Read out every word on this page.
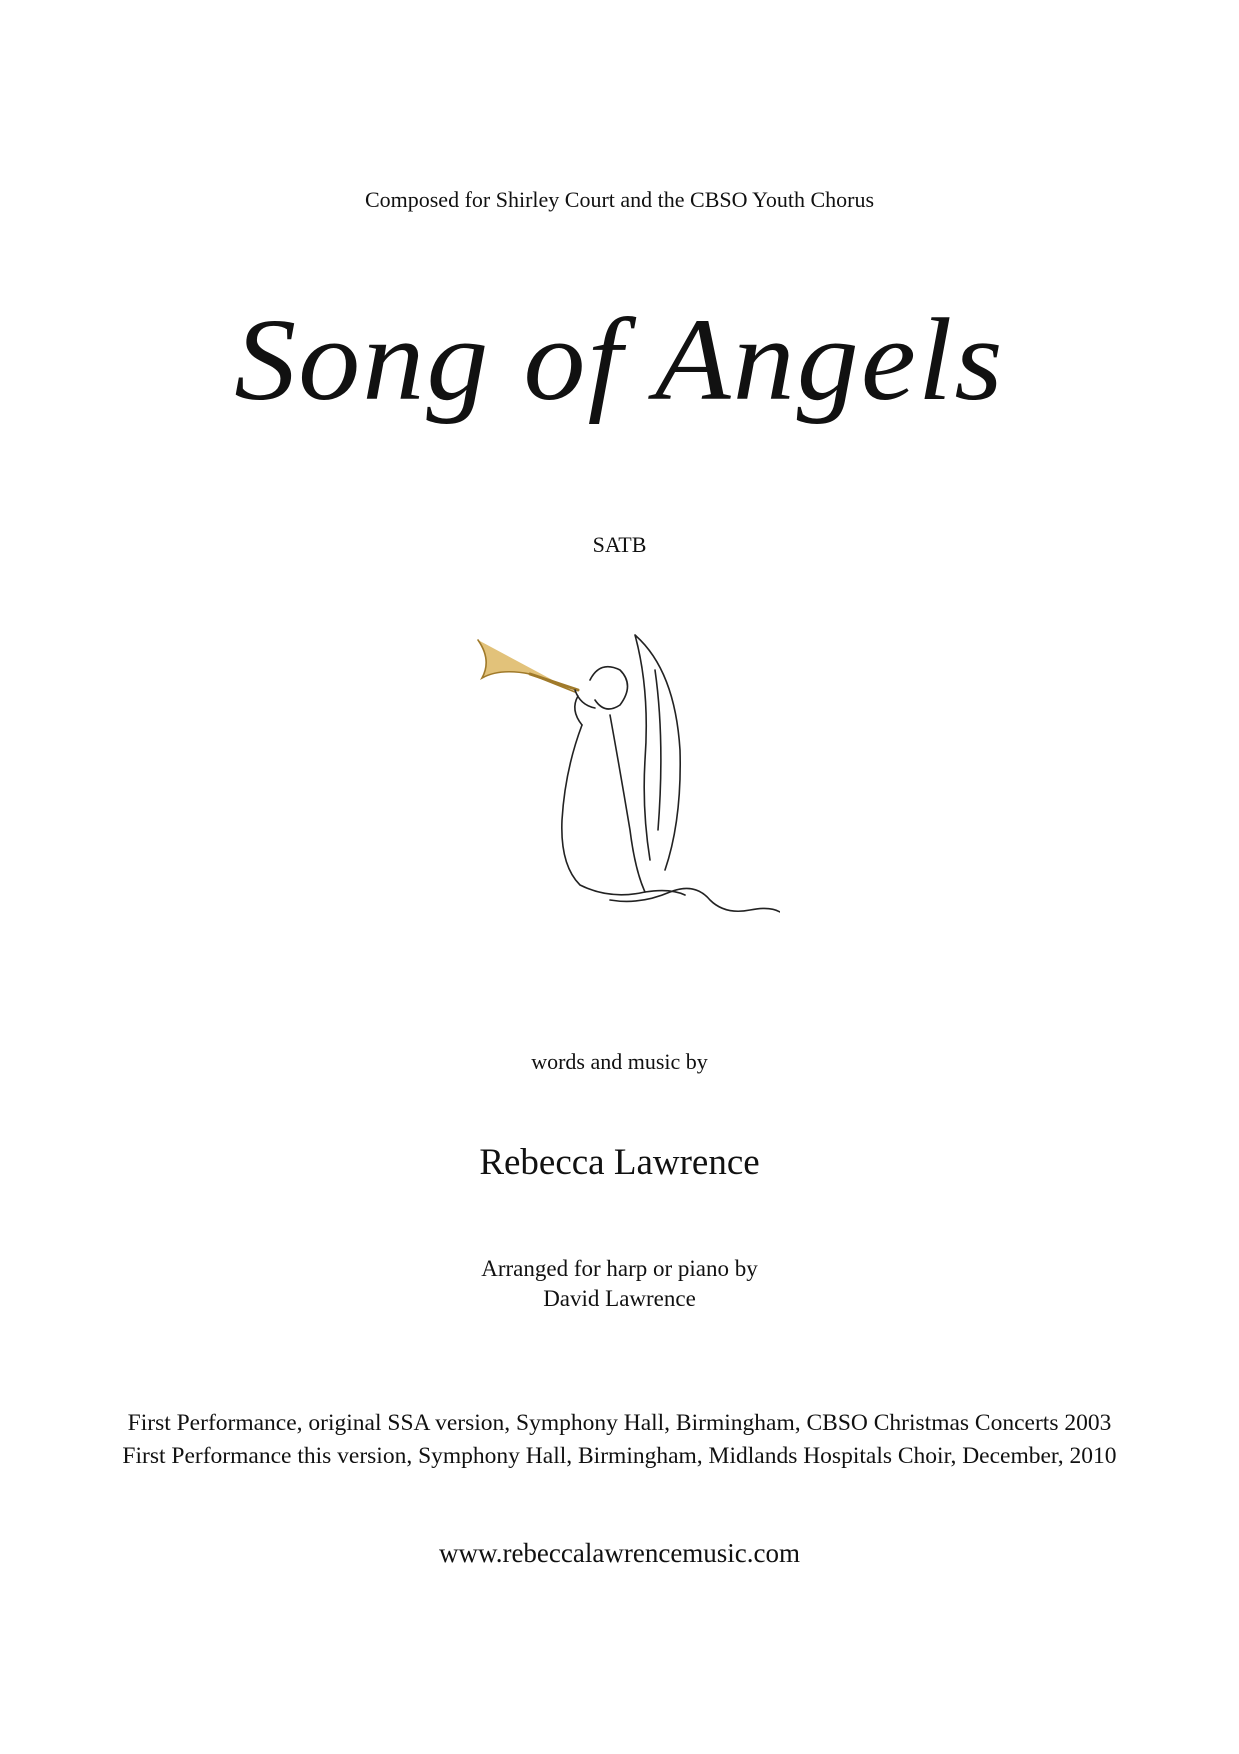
Composed for Shirley Court and the CBSO Youth Chorus
Song of Angels
SATB
words and music by
Rebecca Lawrence
Arranged for harp or piano by
David Lawrence
First Performance, original SSA version, Symphony Hall, Birmingham, CBSO Christmas Concerts 2003
First Performance this version, Symphony Hall, Birmingham, Midlands Hospitals Choir, December, 2010
www.rebeccalawrencemusic.com
